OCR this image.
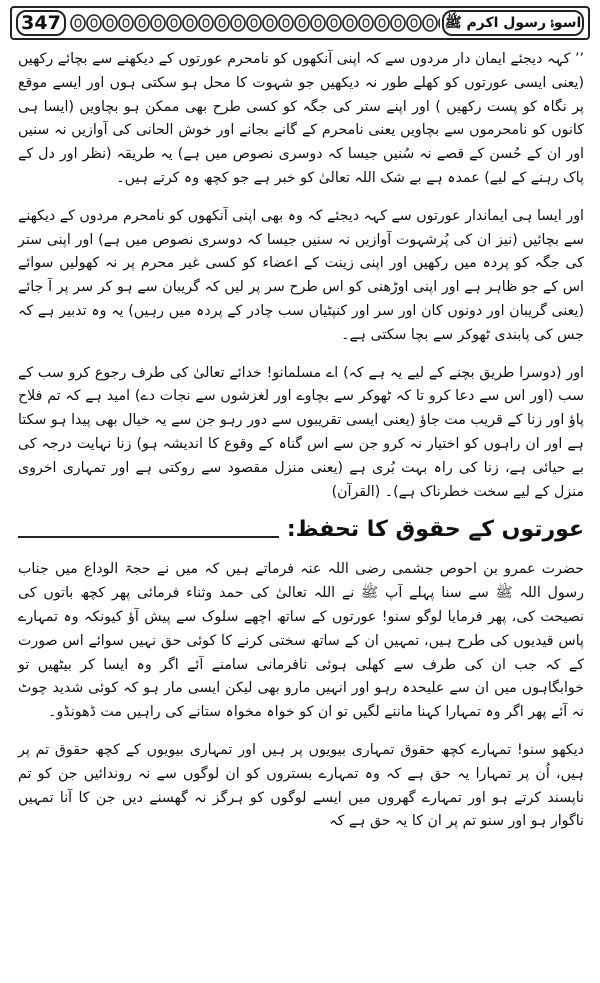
347	اسوۂ رسول اکرم ﷺ

’’ کہہ دیجئے ایمان دار مردوں سے کہ اپنی آنکھوں کو نامحرم عورتوں کے دیکھنے سے بچائے رکھیں (یعنی ایسی عورتوں کو کھلے طور نہ دیکھیں جو شہوت کا محل ہو سکتی ہوں اور ایسے موقع پر نگاہ کو پست رکھیں ) اور اپنے ستر کی جگہ کو کسی طرح بھی ممکن ہو بچاویں (ایسا ہی کانوں کو نامحرموں سے بچاویں یعنی نامحرم کے گانے بجانے اور خوش الحانی کی آوازیں نہ سنیں اور ان کے حُسن کے قصے نہ سُنیں جیسا کہ دوسری نصوص میں ہے) یہ طریقہ (نظر اور دل کے پاک رہنے کے لیے) عمدہ ہے بے شک اللہ تعالیٰ کو خبر ہے جو کچھ وہ کرتے ہیں۔

اور ایسا ہی ایماندار عورتوں سے کہہ دیجئے کہ وہ بھی اپنی آنکھوں کو نامحرم مردوں کے دیکھنے سے بچائیں (نیز ان کی پُرشہوت آوازیں نہ سنیں جیسا کہ دوسری نصوص میں ہے) اور اپنی ستر کی جگہ کو پردہ میں رکھیں اور اپنی زینت کے اعضاء کو کسی غیر محرم پر نہ کھولیں سوائے اس کے جو ظاہر ہے اور اپنی اوڑھنی کو اس طرح سر پر لیں کہ گریبان سے ہو کر سر پر آ جائے (یعنی گریبان اور دونوں کان اور سر اور کنپٹیاں سب چادر کے پردہ میں رہیں) یہ وہ تدبیر ہے کہ جس کی پابندی ٹھوکر سے بچا سکتی ہے۔

اور (دوسرا طریق بچنے کے لیے یہ ہے کہ) اے مسلمانو! خدائے تعالیٰ کی طرف رجوع کرو سب کے سب (اور اس سے دعا کرو تا کہ ٹھوکر سے بچاوے اور لغزشوں سے نجات دے) امید ہے کہ تم فلاح پاؤ اور زنا کے قریب مت جاؤ (یعنی ایسی تقریبوں سے دور رہو جن سے یہ خیال بھی پیدا ہو سکتا ہے اور ان راہوں کو اختیار نہ کرو جن سے اس گناہ کے وقوع کا اندیشہ ہو) زنا نہایت درجہ کی بے حیائی ہے، زنا کی راہ بہت بُری ہے (یعنی منزل مقصود سے روکتی ہے اور تمہاری اخروی منزل کے لیے سخت خطرناک ہے)۔ (القرآن)

عورتوں کے حقوق کا تحفظ:

حضرت عمرو بن احوص جشمی رضی اللہ عنہ فرماتے ہیں کہ میں نے حجۃ الوداع میں جناب رسول اللہ ﷺ سے سنا پہلے آپ ﷺ نے اللہ تعالیٰ کی حمد وثناء فرمائی پھر کچھ باتوں کی نصیحت کی، پھر فرمایا لوگو سنو! عورتوں کے ساتھ اچھے سلوک سے پیش آؤ کیونکہ وہ تمہارے پاس قیدیوں کی طرح ہیں، تمہیں ان کے ساتھ سختی کرنے کا کوئی حق نہیں سوائے اس صورت کے کہ جب ان کی طرف سے کھلی ہوئی نافرمانی سامنے آئے اگر وہ ایسا کر بیٹھیں تو خوابگاہوں میں ان سے علیحدہ رہو اور انہیں مارو بھی لیکن ایسی مار ہو کہ کوئی شدید چوٹ نہ آئے پھر اگر وہ تمہارا کہنا ماننے لگیں تو ان کو خواہ مخواہ ستانے کی راہیں مت ڈھونڈو۔

دیکھو سنو! تمہارے کچھ حقوق تمہاری بیویوں پر ہیں اور تمہاری بیویوں کے کچھ حقوق تم پر ہیں، اُن پر تمہارا یہ حق ہے کہ وہ تمہارے بستروں کو ان لوگوں سے نہ روندائیں جن کو تم ناپسند کرتے ہو اور تمہارے گھروں میں ایسے لوگوں کو ہرگز نہ گھسنے دیں جن کا آنا تمہیں ناگوار ہو اور سنو تم پر ان کا یہ حق ہے کہ
